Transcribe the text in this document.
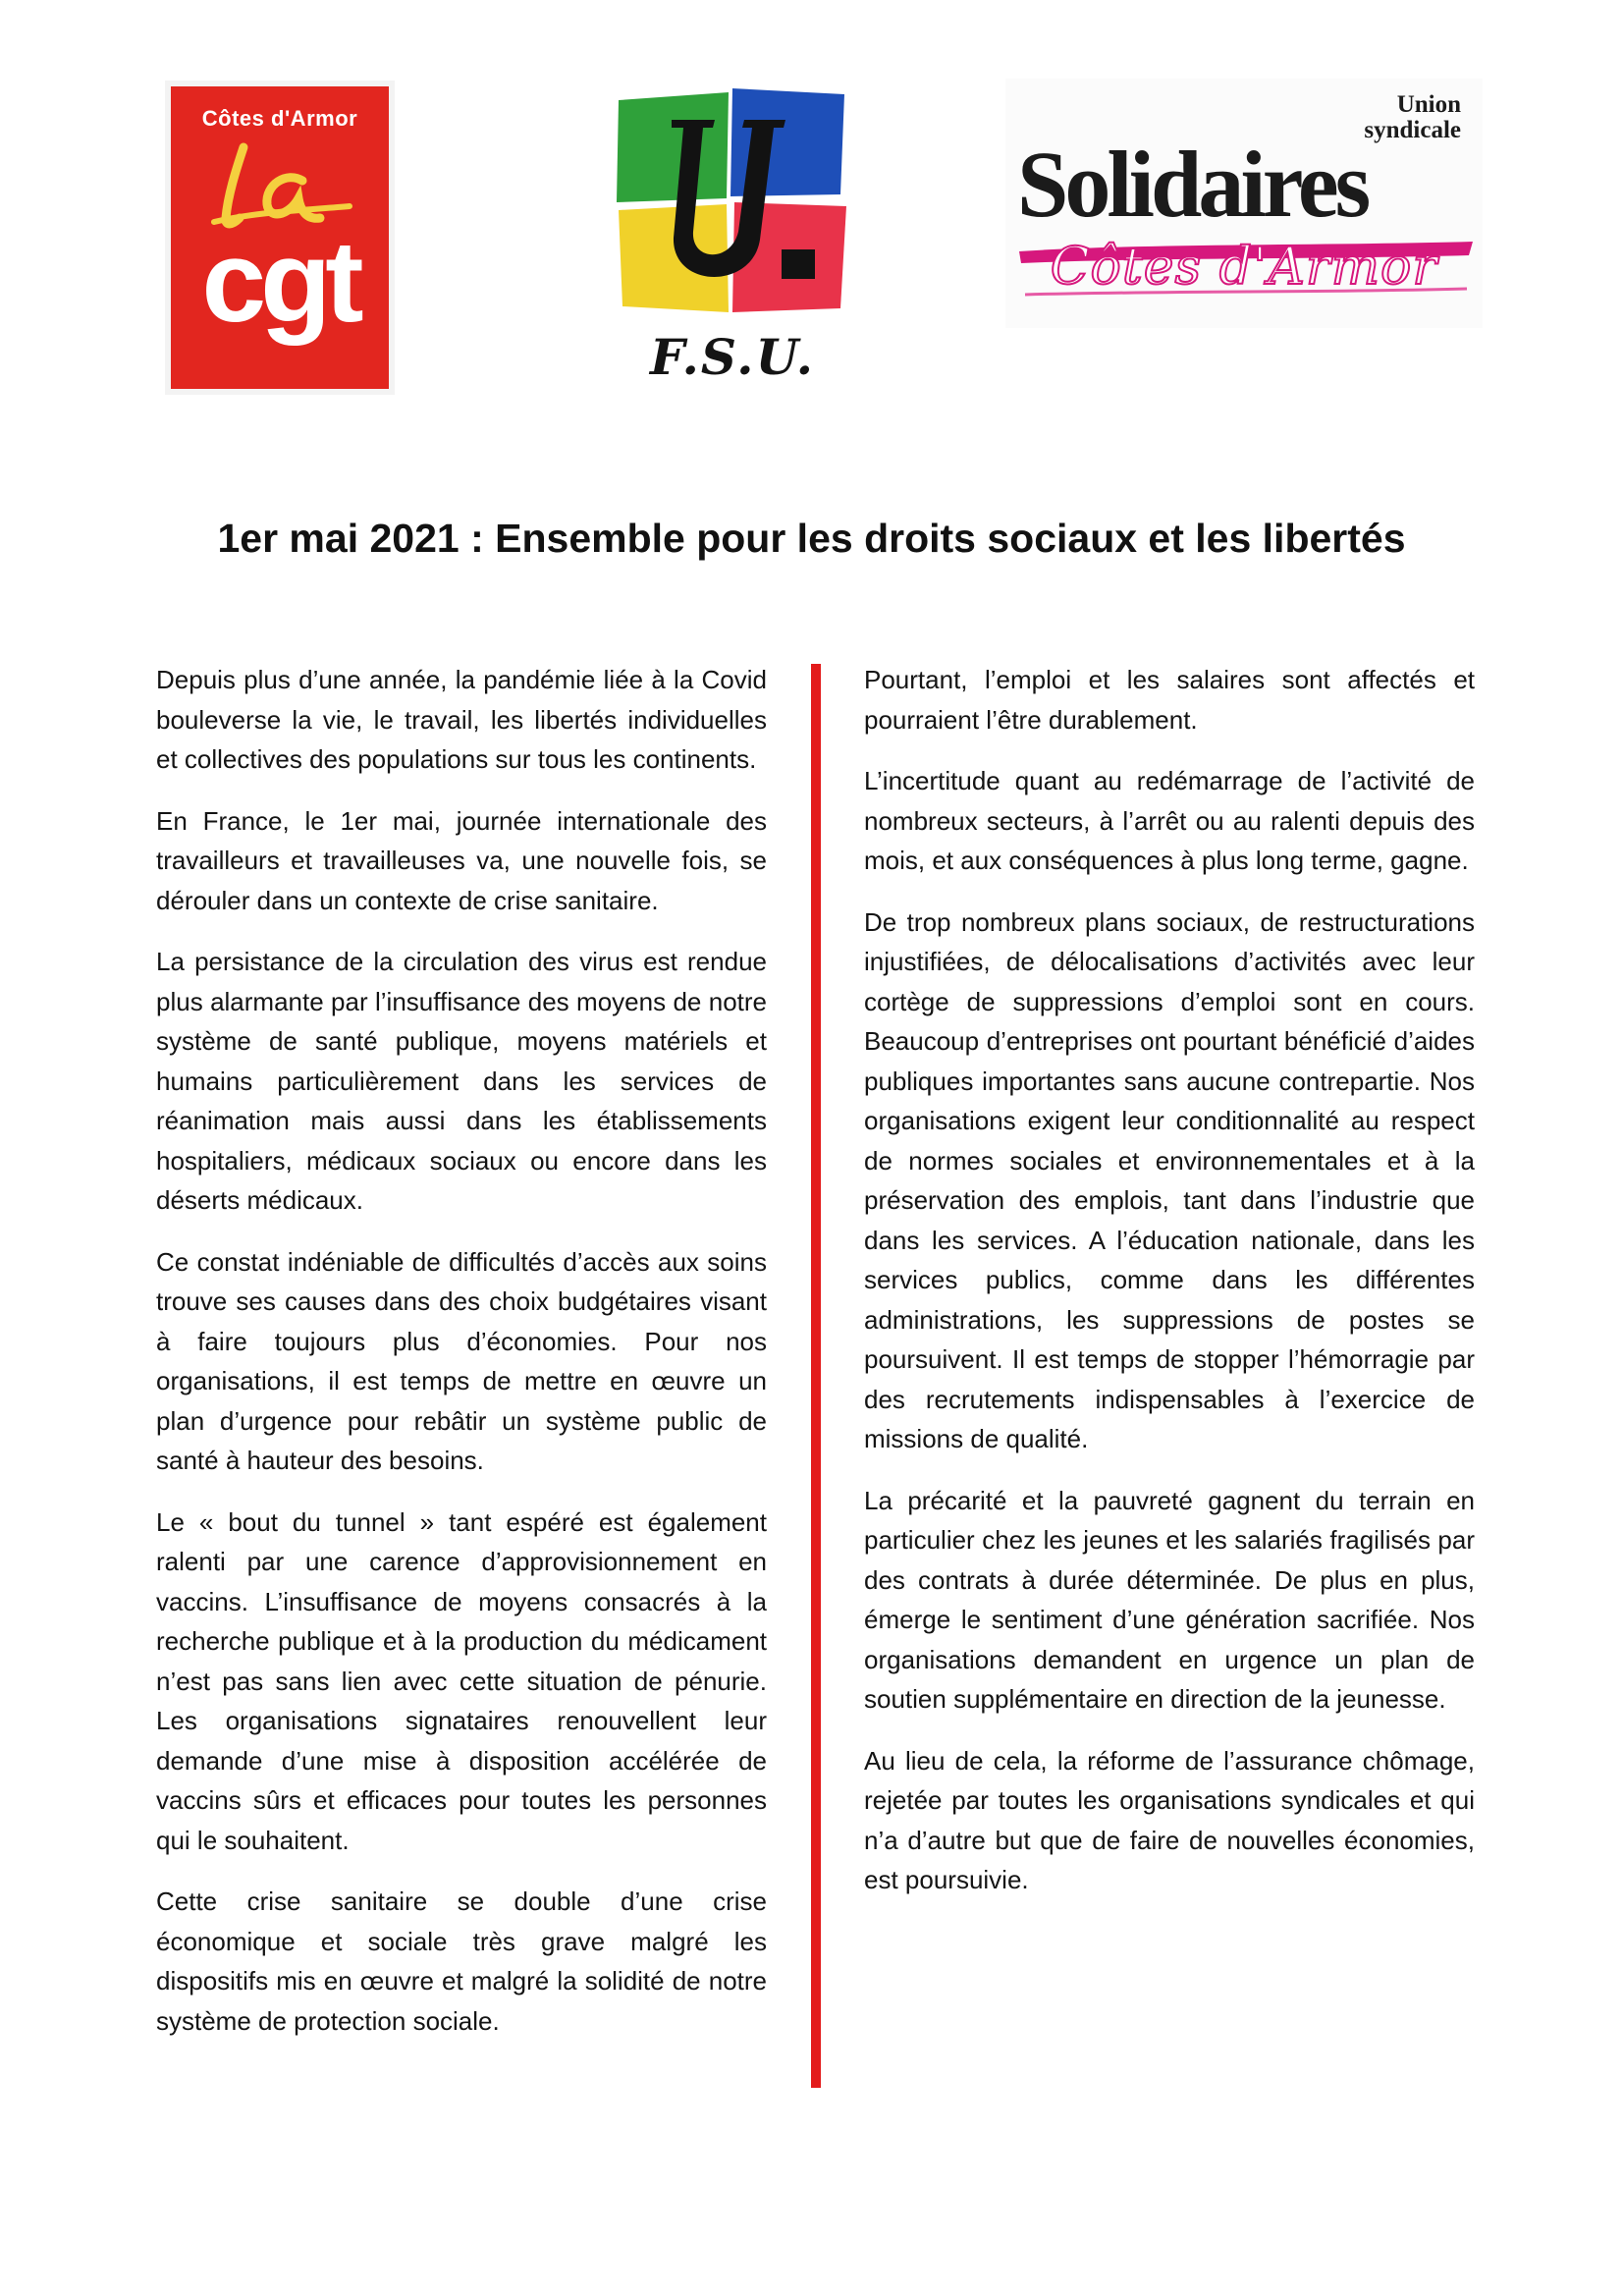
Côtes d'Armor
cgt
F.S.U.
Union
syndicale
Solidaires
Côtes d'Armor
1er mai 2021 : Ensemble pour les droits sociaux et les libertés

Depuis plus d’une année, la pandémie liée à la Covid bouleverse la vie, le travail, les libertés individuelles et collectives des populations sur tous les continents.

En France, le 1er mai, journée internationale des travailleurs et travailleuses va, une nouvelle fois, se dérouler dans un contexte de crise sanitaire.

La persistance de la circulation des virus est rendue plus alarmante par l’insuffisance des moyens de notre système de santé publique, moyens matériels et humains particulièrement dans les services de réanimation mais aussi dans les établissements hospitaliers, médicaux sociaux ou encore dans les déserts médicaux.

Ce constat indéniable de difficultés d’accès aux soins trouve ses causes dans des choix budgétaires visant à faire toujours plus d’économies. Pour nos organisations, il est temps de mettre en œuvre un plan d’urgence pour rebâtir un système public de santé à hauteur des besoins.

Le « bout du tunnel » tant espéré est également ralenti par une carence d’approvisionnement en vaccins. L’insuffisance de moyens consacrés à la recherche publique et à la production du médicament n’est pas sans lien avec cette situation de pénurie. Les organisations signataires renouvellent leur demande d’une mise à disposition accélérée de vaccins sûrs et efficaces pour toutes les personnes qui le souhaitent.

Cette crise sanitaire se double d’une crise économique et sociale très grave malgré les dispositifs mis en œuvre et malgré la solidité de notre système de protection sociale.

Pourtant, l’emploi et les salaires sont affectés et pourraient l’être durablement.

L’incertitude quant au redémarrage de l’activité de nombreux secteurs, à l’arrêt ou au ralenti depuis des mois, et aux conséquences à plus long terme, gagne.

De trop nombreux plans sociaux, de restructurations injustifiées, de délocalisations d’activités avec leur cortège de suppressions d’emploi sont en cours. Beaucoup d’entreprises ont pourtant bénéficié d’aides publiques importantes sans aucune contrepartie. Nos organisations exigent leur conditionnalité au respect de normes sociales et environnementales et à la préservation des emplois, tant dans l’industrie que dans les services. A l’éducation nationale, dans les services publics, comme dans les différentes administrations, les suppressions de postes se poursuivent. Il est temps de stopper l’hémorragie par des recrutements indispensables à l’exercice de missions de qualité.

La précarité et la pauvreté gagnent du terrain en particulier chez les jeunes et les salariés fragilisés par des contrats à durée déterminée. De plus en plus, émerge le sentiment d’une génération sacrifiée. Nos organisations demandent en urgence un plan de soutien supplémentaire en direction de la jeunesse.

Au lieu de cela, la réforme de l’assurance chômage, rejetée par toutes les organisations syndicales et qui n’a d’autre but que de faire de nouvelles économies, est poursuivie.
